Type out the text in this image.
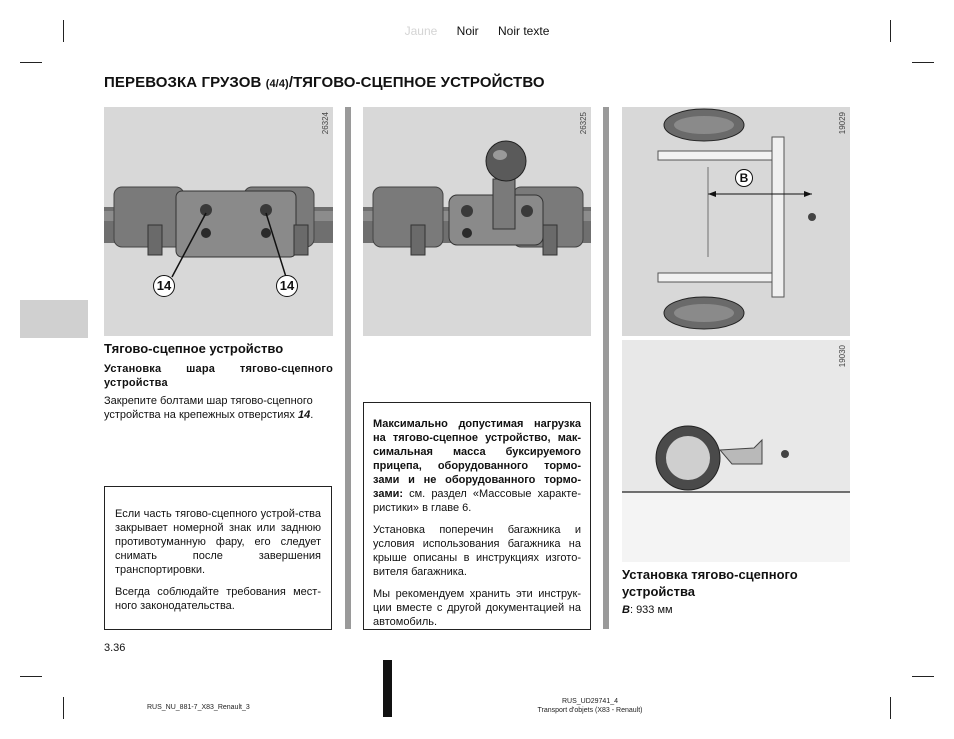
Jaune Noir Noir texte
ПЕРЕВОЗКА ГРУЗОВ (4/4)/ТЯГОВО-СЦЕПНОЕ УСТРОЙСТВО
26324
14	14
26325	19029
B
19030
Тягово-сцепное устройство
Установка шара тягово-сцепного устройства
Закрепите болтами шар тягово-сцепного устройства на крепежных отверстиях 14.

Если часть тягово-сцепного устрой-ства закрывает номерной знак или заднюю противотуманную фару, его следует снимать после завершения транспортировки.

Всегда соблюдайте требования мест-ного законодательства.

Максимально допустимая нагрузка на тягово-сцепное устройство, мак-симальная масса буксируемого прицепа, оборудованного тормо-зами и не оборудованного тормо-зами: см. раздел «Массовые характе-ристики» в главе 6.

Установка поперечин багажника и условия использования багажника на крыше описаны в инструкциях изгото-вителя багажника.

Мы рекомендуем хранить эти инструк-ции вместе с другой документацией на автомобиль.

Установка тягово-сцепного устройства
B: 933 мм
3.36
RUS_NU_881-7_X83_Renault_3
RUS_UD29741_4
Transport d'objets (X83 - Renault)
